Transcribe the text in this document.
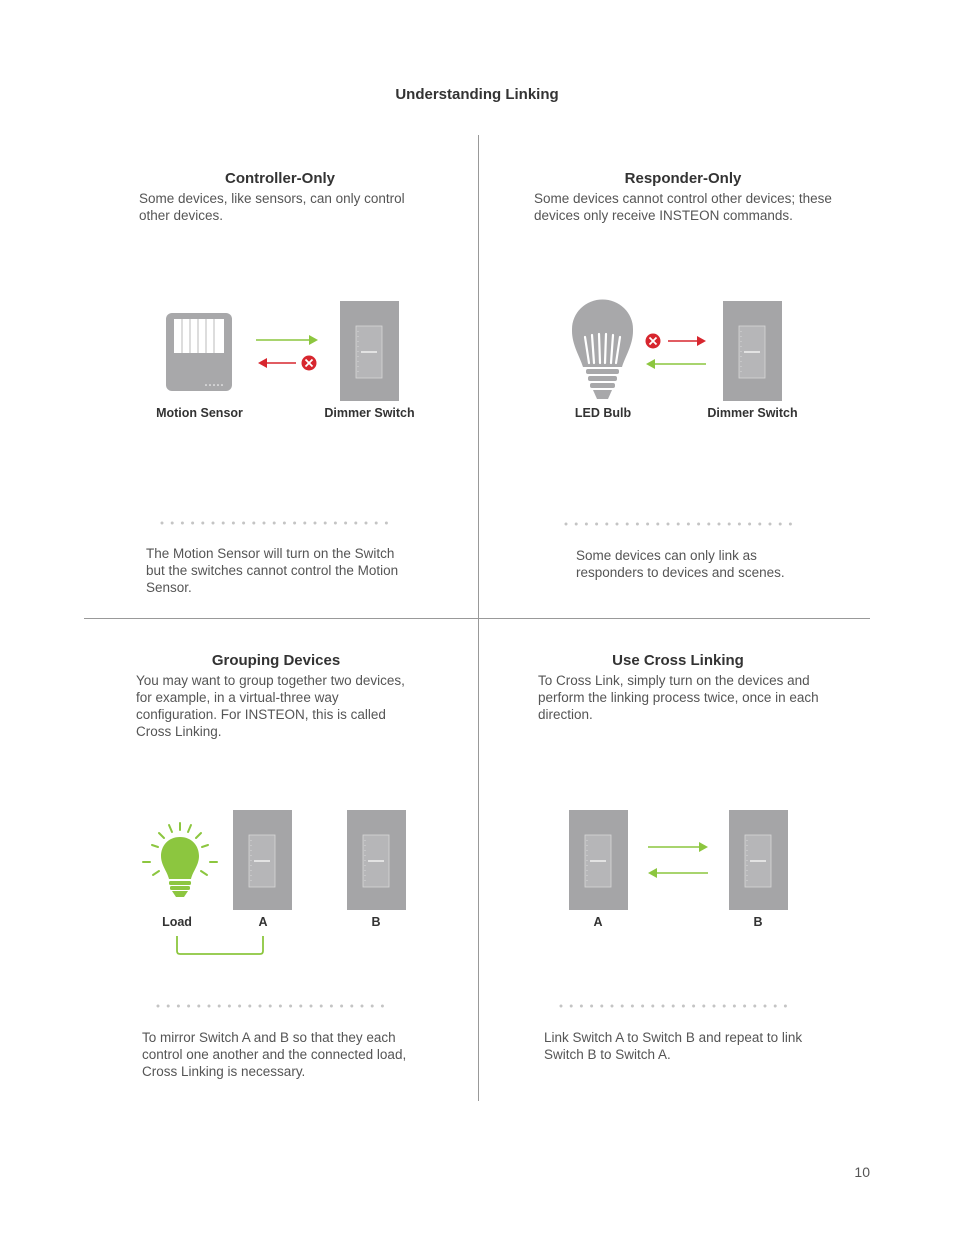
Understanding Linking
Controller-Only
Some devices, like sensors, can only control other devices.
Motion Sensor	Dimmer Switch
The Motion Sensor will turn on the Switch but the switches cannot control the Motion Sensor.
Responder-Only
Some devices cannot control other devices; these devices only receive INSTEON commands.
LED Bulb	Dimmer Switch
Some devices can only link as responders to devices and scenes.
Grouping Devices
You may want to group together two devices, for example, in a virtual-three way configuration. For INSTEON, this is called Cross Linking.
Load	A	B
To mirror Switch A and B so that they each control one another and the connected load, Cross Linking is necessary.
Use Cross Linking
To Cross Link, simply turn on the devices and perform the linking process twice, once in each direction.
A	B
Link Switch A to Switch B and repeat to link Switch B to Switch A.
10
